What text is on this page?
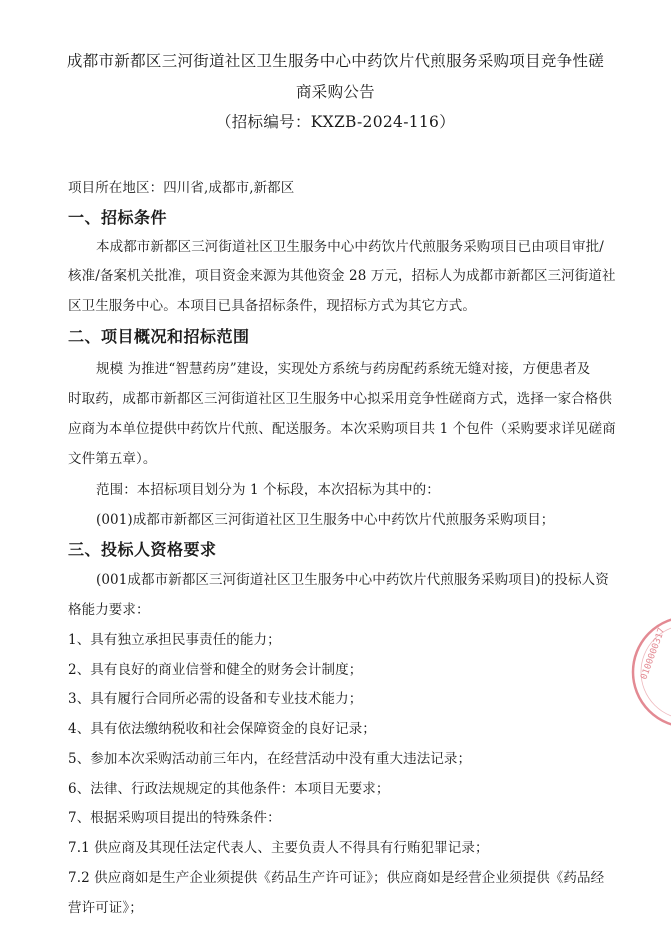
成都市新都区三河街道社区卫生服务中心中药饮片代煎服务采购项目竞争性磋
商采购公告
（招标编号：KXZB-2024-116）
项目所在地区：四川省,成都市,新都区
一、招标条件
本成都市新都区三河街道社区卫生服务中心中药饮片代煎服务采购项目已由项目审批/
核准/备案机关批准，项目资金来源为其他资金 28 万元，招标人为成都市新都区三河街道社
区卫生服务中心。本项目已具备招标条件，现招标方式为其它方式。
二、项目概况和招标范围
规模 为推进“智慧药房”建设，实现处方系统与药房配药系统无缝对接，方便患者及
时取药，成都市新都区三河街道社区卫生服务中心拟采用竞争性磋商方式，选择一家合格供
应商为本单位提供中药饮片代煎、配送服务。本次采购项目共 1 个包件（采购要求详见磋商
文件第五章）。
范围：本招标项目划分为 1 个标段，本次招标为其中的：
(001)成都市新都区三河街道社区卫生服务中心中药饮片代煎服务采购项目；
三、投标人资格要求
(001成都市新都区三河街道社区卫生服务中心中药饮片代煎服务采购项目)的投标人资
格能力要求：
1、具有独立承担民事责任的能力；
2、具有良好的商业信誉和健全的财务会计制度；
3、具有履行合同所必需的设备和专业技术能力；
4、具有依法缴纳税收和社会保障资金的良好记录；
5、参加本次采购活动前三年内，在经营活动中没有重大违法记录；
6、法律、行政法规规定的其他条件：本项目无要求；
7、根据采购项目提出的特殊条件：
7.1 供应商及其现任法定代表人、主要负责人不得具有行贿犯罪记录；
7.2 供应商如是生产企业须提供《药品生产许可证》；供应商如是经营企业须提供《药品经
营许可证》；
0100000317
